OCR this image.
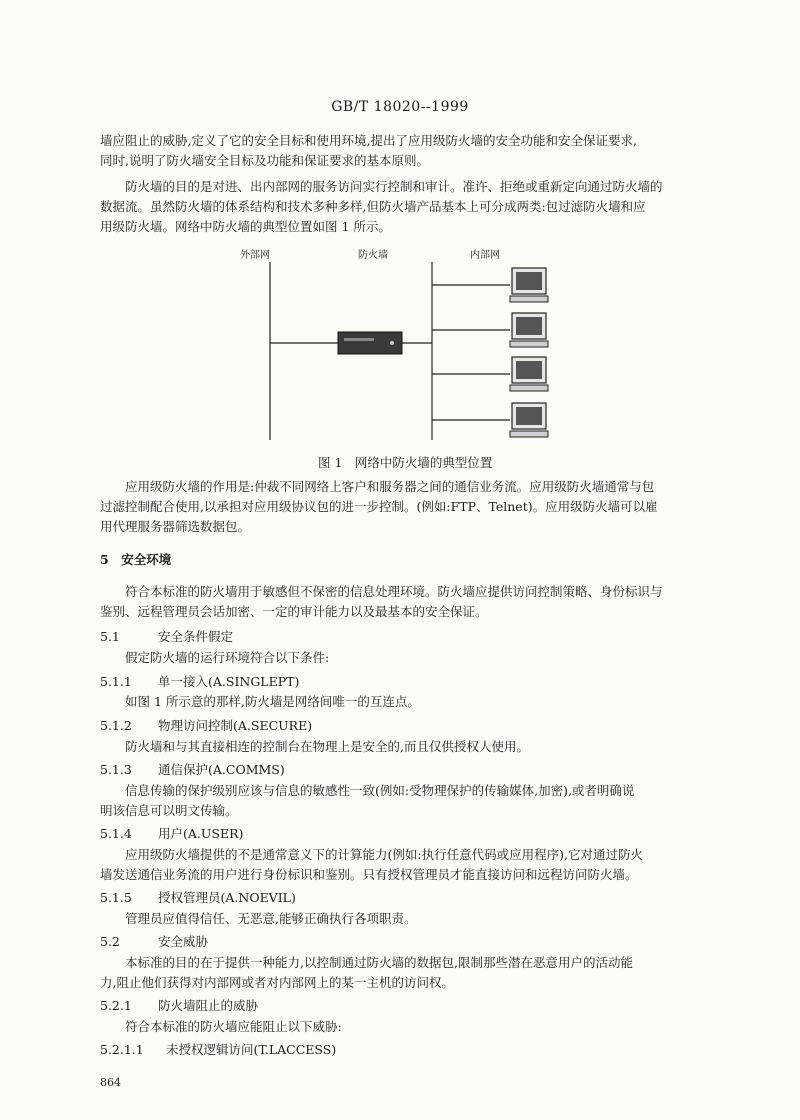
GB/T 18020--1999
墙应阻止的威胁,定义了它的安全目标和使用环境,提出了应用级防火墙的安全功能和安全保证要求,
同时,说明了防火墙安全目标及功能和保证要求的基本原则。
防火墙的目的是对进、出内部网的服务访问实行控制和审计。准许、拒绝或重新定向通过防火墙的
数据流。虽然防火墙的体系结构和技术多种多样,但防火墙产品基本上可分成两类:包过滤防火墙和应
用级防火墙。网络中防火墙的典型位置如图 1 所示。
外部网	防火墙	内部网
图 1　网络中防火墙的典型位置
应用级防火墙的作用是:仲裁不同网络上客户和服务器之间的通信业务流。应用级防火墙通常与包
过滤控制配合使用,以承担对应用级协议包的进一步控制。(例如:FTP、Telnet)。应用级防火墙可以雇
用代理服务器筛选数据包。
5　安全环境
符合本标准的防火墙用于敏感但不保密的信息处理环境。防火墙应提供访问控制策略、身份标识与
鉴别、远程管理员会话加密、一定的审计能力以及最基本的安全保证。
5.1	安全条件假定
假定防火墙的运行环境符合以下条件:
5.1.1 单一接入(A.SINGLEPT)
如图 1 所示意的那样,防火墙是网络间唯一的互连点。
5.1.2 物理访问控制(A.SECURE)
防火墙和与其直接相连的控制台在物理上是安全的,而且仅供授权人使用。
5.1.3 通信保护(A.COMMS)
信息传输的保护级别应该与信息的敏感性一致(例如:受物理保护的传输媒体,加密),或者明确说
明该信息可以明文传输。
5.1.4 用户(A.USER)
应用级防火墙提供的不是通常意义下的计算能力(例如:执行任意代码或应用程序),它对通过防火
墙发送通信业务流的用户进行身份标识和鉴别。只有授权管理员才能直接访问和远程访问防火墙。
5.1.5 授权管理员(A.NOEVIL)
管理员应值得信任、无恶意,能够正确执行各项职责。
5.2	安全威胁
本标准的目的在于提供一种能力,以控制通过防火墙的数据包,限制那些潜在恶意用户的活动能
力,阻止他们获得对内部网或者对内部网上的某一主机的访问权。
5.2.1 防火墙阻止的威胁
符合本标准的防火墙应能阻止以下威胁:
5.2.1.1 未授权逻辑访问(T.LACCESS)
864
